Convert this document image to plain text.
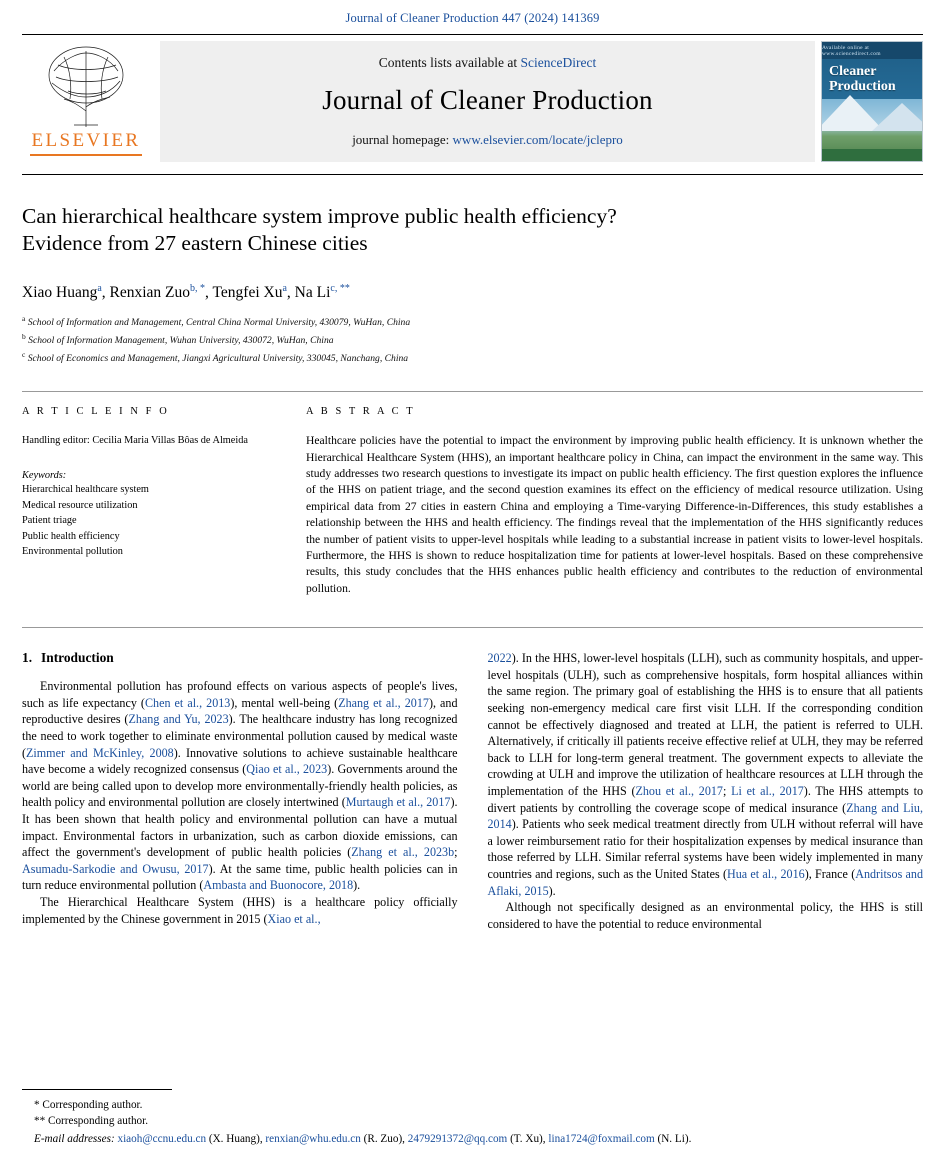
Journal of Cleaner Production 447 (2024) 141369
ELSEVIER
Contents lists available at ScienceDirect
Journal of Cleaner Production
journal homepage: www.elsevier.com/locate/jclepro
Available online at www.sciencedirect.com
Cleaner
Production
Can hierarchical healthcare system improve public health efficiency?
Evidence from 27 eastern Chinese cities
Xiao Huang$^a$, Renxian Zuo$^{b, *}$, Tengfei Xu$^a$, Na $Li^{c, **}$
$^a$ School of Information and Management, Central China Normal University, 430079, WuHan, China
$^b$ School of Information Management, Wuhan University, 430072, WuHan, China
$^c$ School of Economics and Management, Jiangxi Agricultural University, 330045, Nanchang, China
A R T I C L E I N F O
Handling editor: Cecilia Maria Villas Bôas de Almeida
Keywords:
Hierarchical healthcare system
Medical resource utilization
Patient triage
Public health efficiency
Environmental pollution
A B S T R A C T
Healthcare policies have the potential to impact the environment by improving public health efficiency. It is unknown whether the Hierarchical Healthcare System (HHS), an important healthcare policy in China, can impact the environment in the same way. This study addresses two research questions to investigate its impact on public health efficiency. The first question explores the influence of the HHS on patient triage, and the second question examines its effect on the efficiency of medical resource utilization. Using empirical data from 27 cities in eastern China and employing a Time-varying Difference-in-Differences, this study establishes a relationship between the HHS and health efficiency. The findings reveal that the implementation of the HHS significantly reduces the number of patient visits to upper-level hospitals while leading to a substantial increase in patient visits to lower-level hospitals. Furthermore, the HHS is shown to reduce hospitalization time for patients at lower-level hospitals. Based on these comprehensive results, this study concludes that the HHS enhances public health efficiency and contributes to the reduction of environmental pollution.
1. Introduction

Environmental pollution has profound effects on various aspects of people's lives, such as life expectancy (Chen et al., 2013), mental well-being (Zhang et al., 2017), and reproductive desires (Zhang and Yu, 2023). The healthcare industry has long recognized the need to work together to eliminate environmental pollution caused by medical waste (Zimmer and McKinley, 2008). Innovative solutions to achieve sustainable healthcare have become a widely recognized consensus (Qiao et al., 2023). Governments around the world are being called upon to develop more environmentally-friendly health policies, as health policy and environmental pollution are closely intertwined (Murtaugh et al., 2017). It has been shown that health policy and environmental pollution can have a mutual impact. Environmental factors in urbanization, such as carbon dioxide emissions, can affect the government's development of public health policies (Zhang et al., 2023b; Asumadu-Sarkodie and Owusu, 2017). At the same time, public health policies can in turn reduce environmental pollution (Ambasta and Buonocore, 2018).

The Hierarchical Healthcare System (HHS) is a healthcare policy officially implemented by the Chinese government in 2015 (Xiao et al.,

2022). In the HHS, lower-level hospitals (LLH), such as community hospitals, and upper-level hospitals (ULH), such as comprehensive hospitals, form hospital alliances within the same region. The primary goal of establishing the HHS is to ensure that all patients seeking non-emergency medical care first visit LLH. If the corresponding condition cannot be effectively diagnosed and treated at LLH, the patient is referred to ULH. Alternatively, if critically ill patients receive effective relief at ULH, they may be referred back to LLH for long-term general treatment. The government expects to alleviate the crowding at ULH and improve the utilization of healthcare resources at LLH through the implementation of the HHS (Zhou et al., 2017; Li et al., 2017). The HHS attempts to divert patients by controlling the coverage scope of medical insurance (Zhang and Liu, 2014). Patients who seek medical treatment directly from ULH without referral will have a lower reimbursement ratio for their hospitalization expenses by medical insurance than those referred by LLH. Similar referral systems have been widely implemented in many countries and regions, such as the United States (Hua et al., 2016), France (Andritsos and Aflaki, 2015).

Although not specifically designed as an environmental policy, the HHS is still considered to have the potential to reduce environmental

* Corresponding author.
** Corresponding author.
E-mail addresses: xiaoh@ccnu.edu.cn (X. Huang), renxian@whu.edu.cn (R. Zuo), 2479291372@qq.com (T. Xu), lina1724@foxmail.com (N. Li).
